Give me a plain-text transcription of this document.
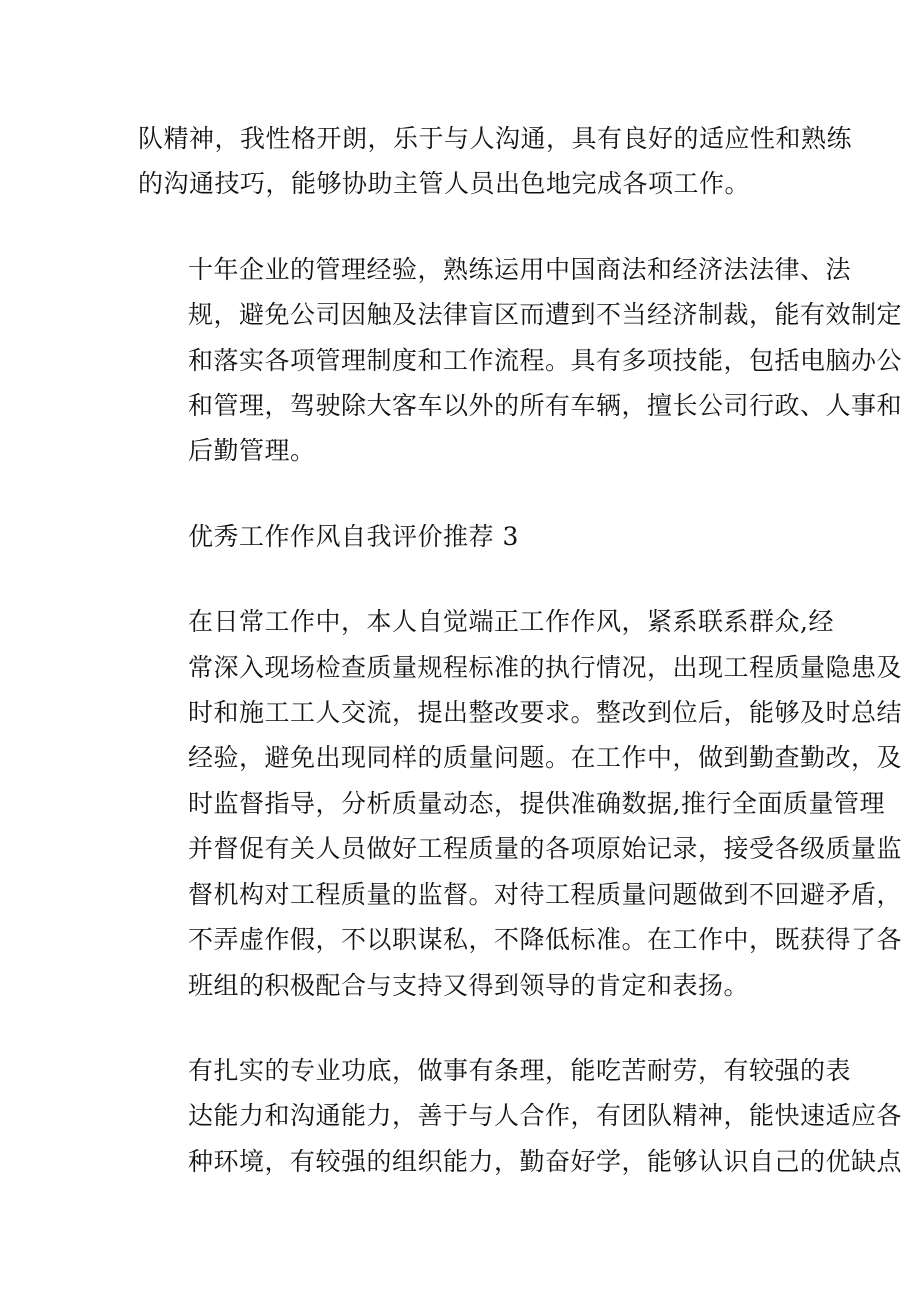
队精神，我性格开朗，乐于与人沟通，具有良好的适应性和熟练
的沟通技巧，能够协助主管人员出色地完成各项工作。
十年企业的管理经验，熟练运用中国商法和经济法法律、法
规，避免公司因触及法律盲区而遭到不当经济制裁，能有效制定
和落实各项管理制度和工作流程。具有多项技能，包括电脑办公
和管理，驾驶除大客车以外的所有车辆，擅长公司行政、人事和
后勤管理。
优秀工作作风自我评价推荐 3
在日常工作中，本人自觉端正工作作风，紧系联系群众,经
常深入现场检查质量规程标准的执行情况，出现工程质量隐患及
时和施工工人交流，提出整改要求。整改到位后，能够及时总结
经验，避免出现同样的质量问题。在工作中，做到勤查勤改，及
时监督指导，分析质量动态，提供准确数据,推行全面质量管理
并督促有关人员做好工程质量的各项原始记录，接受各级质量监
督机构对工程质量的监督。对待工程质量问题做到不回避矛盾，
不弄虚作假，不以职谋私，不降低标准。在工作中，既获得了各
班组的积极配合与支持又得到领导的肯定和表扬。
有扎实的专业功底，做事有条理，能吃苦耐劳，有较强的表
达能力和沟通能力，善于与人合作，有团队精神，能快速适应各
种环境，有较强的组织能力，勤奋好学，能够认识自己的优缺点
